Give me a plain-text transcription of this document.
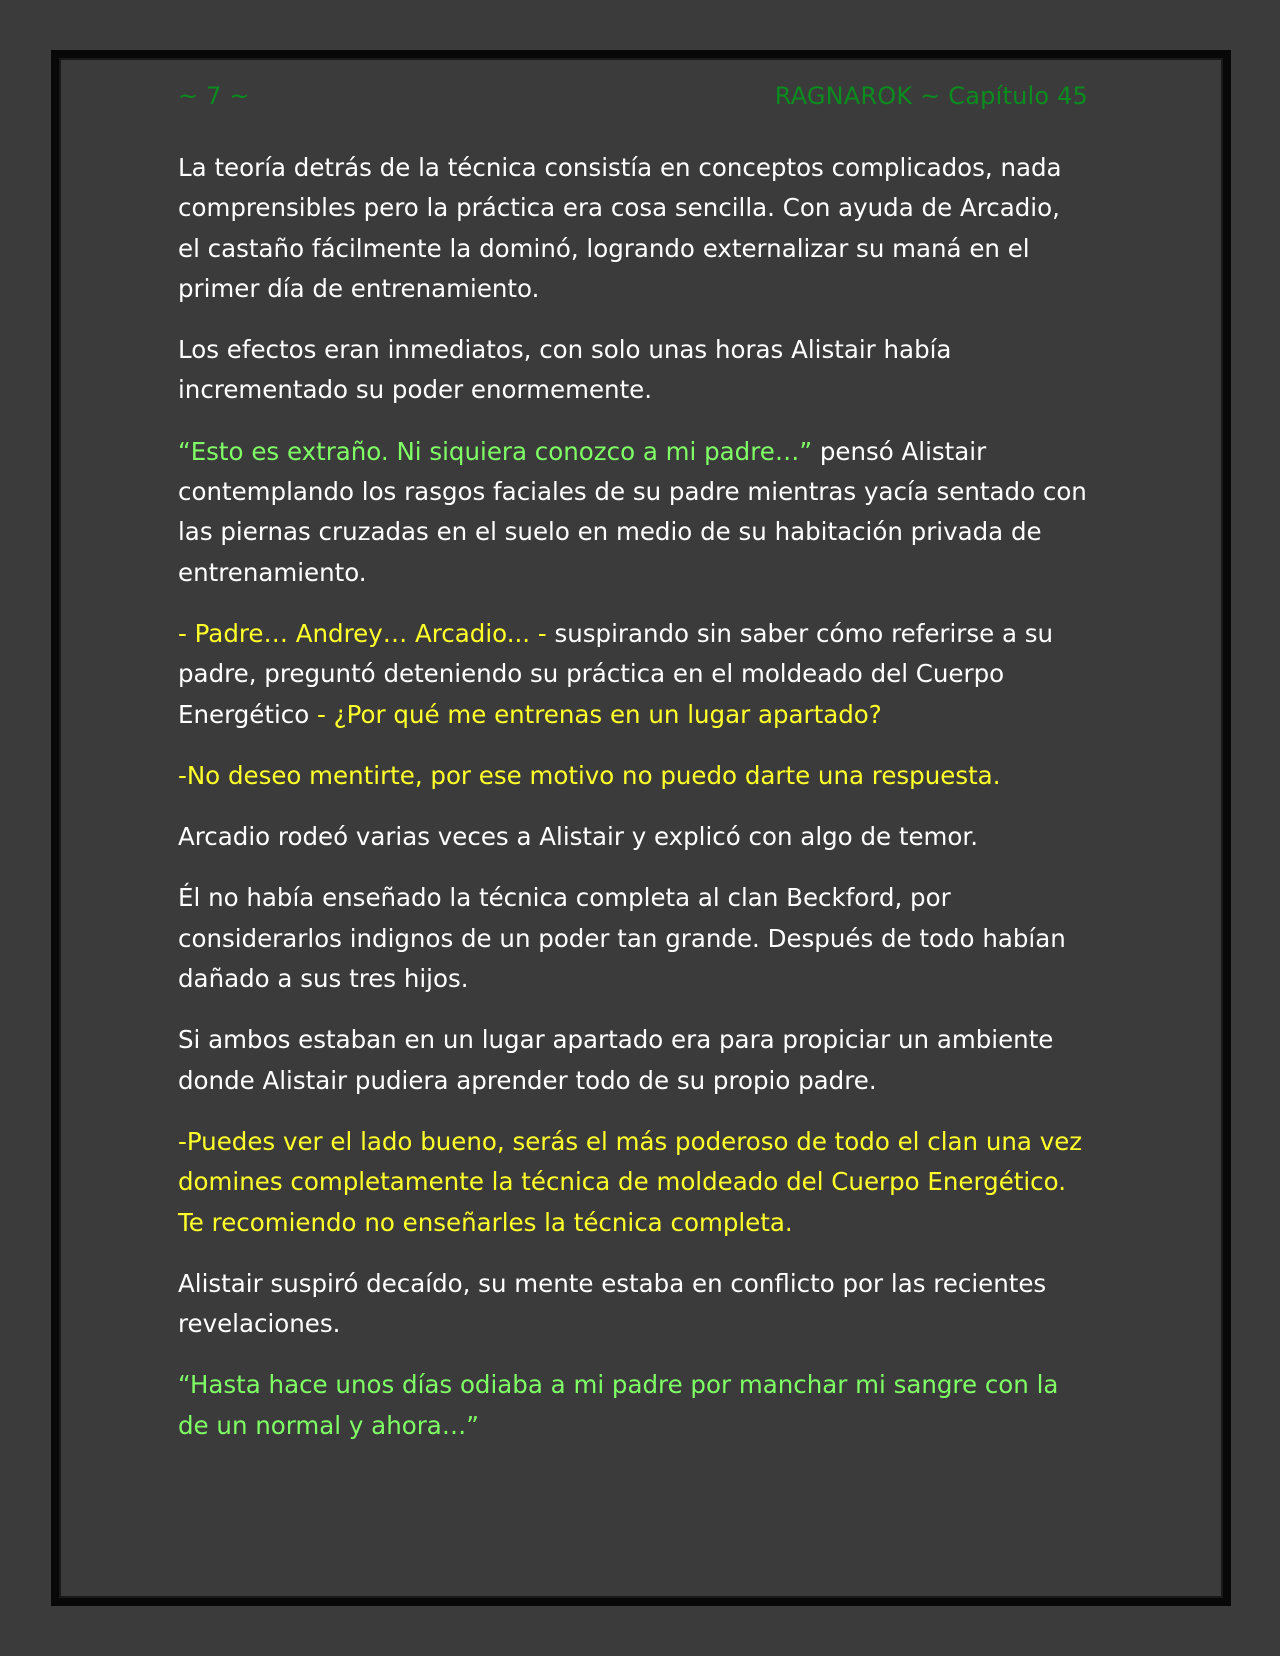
~ 7 ~	RAGNAROK ~ Capítulo 45

La teoría detrás de la técnica consistía en conceptos complicados, nada comprensibles pero la práctica era cosa sencilla. Con ayuda de Arcadio, el castaño fácilmente la dominó, logrando externalizar su maná en el primer día de entrenamiento.

Los efectos eran inmediatos, con solo unas horas Alistair había incrementado su poder enormemente.

“Esto es extraño. Ni siquiera conozco a mi padre…” pensó Alistair contemplando los rasgos faciales de su padre mientras yacía sentado con las piernas cruzadas en el suelo en medio de su habitación privada de entrenamiento.

- Padre… Andrey… Arcadio... - suspirando sin saber cómo referirse a su padre, preguntó deteniendo su práctica en el moldeado del Cuerpo Energético - ¿Por qué me entrenas en un lugar apartado?

-No deseo mentirte, por ese motivo no puedo darte una respuesta.

Arcadio rodeó varias veces a Alistair y explicó con algo de temor.

Él no había enseñado la técnica completa al clan Beckford, por considerarlos indignos de un poder tan grande. Después de todo habían dañado a sus tres hijos.

Si ambos estaban en un lugar apartado era para propiciar un ambiente donde Alistair pudiera aprender todo de su propio padre.

-Puedes ver el lado bueno, serás el más poderoso de todo el clan una vez domines completamente la técnica de moldeado del Cuerpo Energético. Te recomiendo no enseñarles la técnica completa.

Alistair suspiró decaído, su mente estaba en conflicto por las recientes revelaciones.

“Hasta hace unos días odiaba a mi padre por manchar mi sangre con la de un normal y ahora…”
